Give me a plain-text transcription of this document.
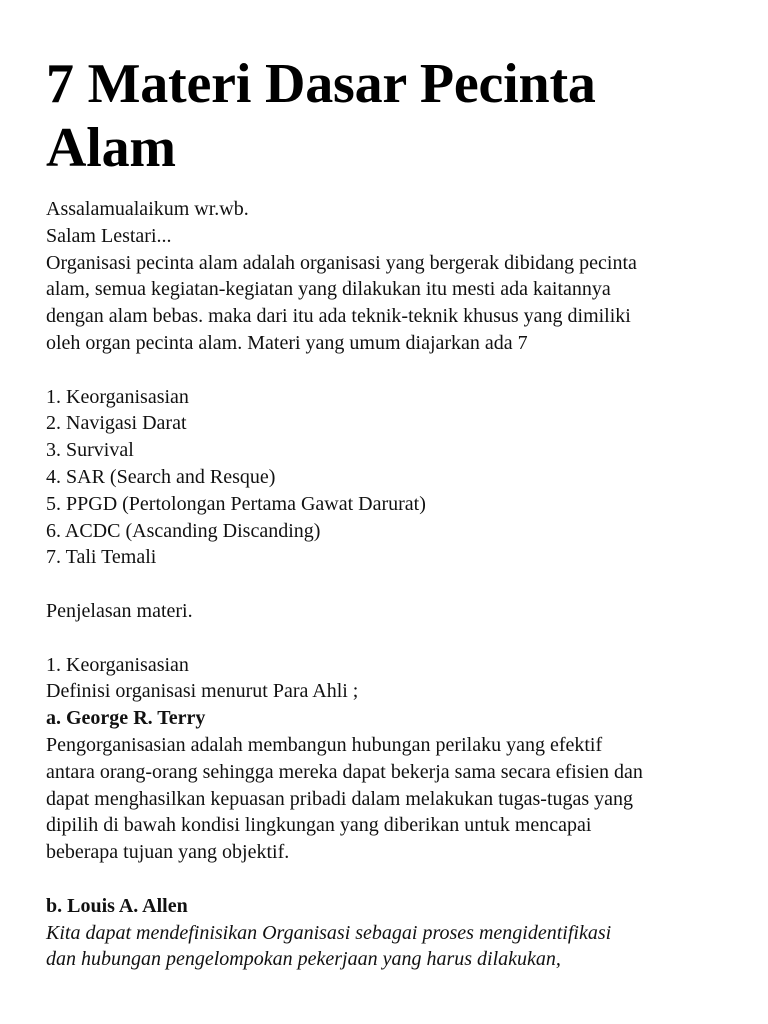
7 Materi Dasar Pecinta Alam
Assalamualaikum wr.wb.
Salam Lestari...
Organisasi pecinta alam adalah organisasi yang bergerak dibidang pecinta
alam, semua kegiatan-kegiatan yang dilakukan itu mesti ada kaitannya
dengan alam bebas. maka dari itu ada teknik-teknik khusus yang dimiliki
oleh organ pecinta alam. Materi yang umum diajarkan ada 7
1. Keorganisasian
2. Navigasi Darat
3. Survival
4. SAR (Search and Resque)
5. PPGD (Pertolongan Pertama Gawat Darurat)
6. ACDC (Ascanding Discanding)
7. Tali Temali
Penjelasan materi.
1. Keorganisasian
Definisi organisasi menurut Para Ahli ;
a. George R. Terry
Pengorganisasian adalah membangun hubungan perilaku yang efektif
antara orang-orang sehingga mereka dapat bekerja sama secara efisien dan
dapat menghasilkan kepuasan pribadi dalam melakukan tugas-tugas yang
dipilih di bawah kondisi lingkungan yang diberikan untuk mencapai
beberapa tujuan yang objektif.
b. Louis A. Allen
Kita dapat mendefinisikan Organisasi sebagai proses mengidentifikasi
dan hubungan pengelompokan pekerjaan yang harus dilakukan,
